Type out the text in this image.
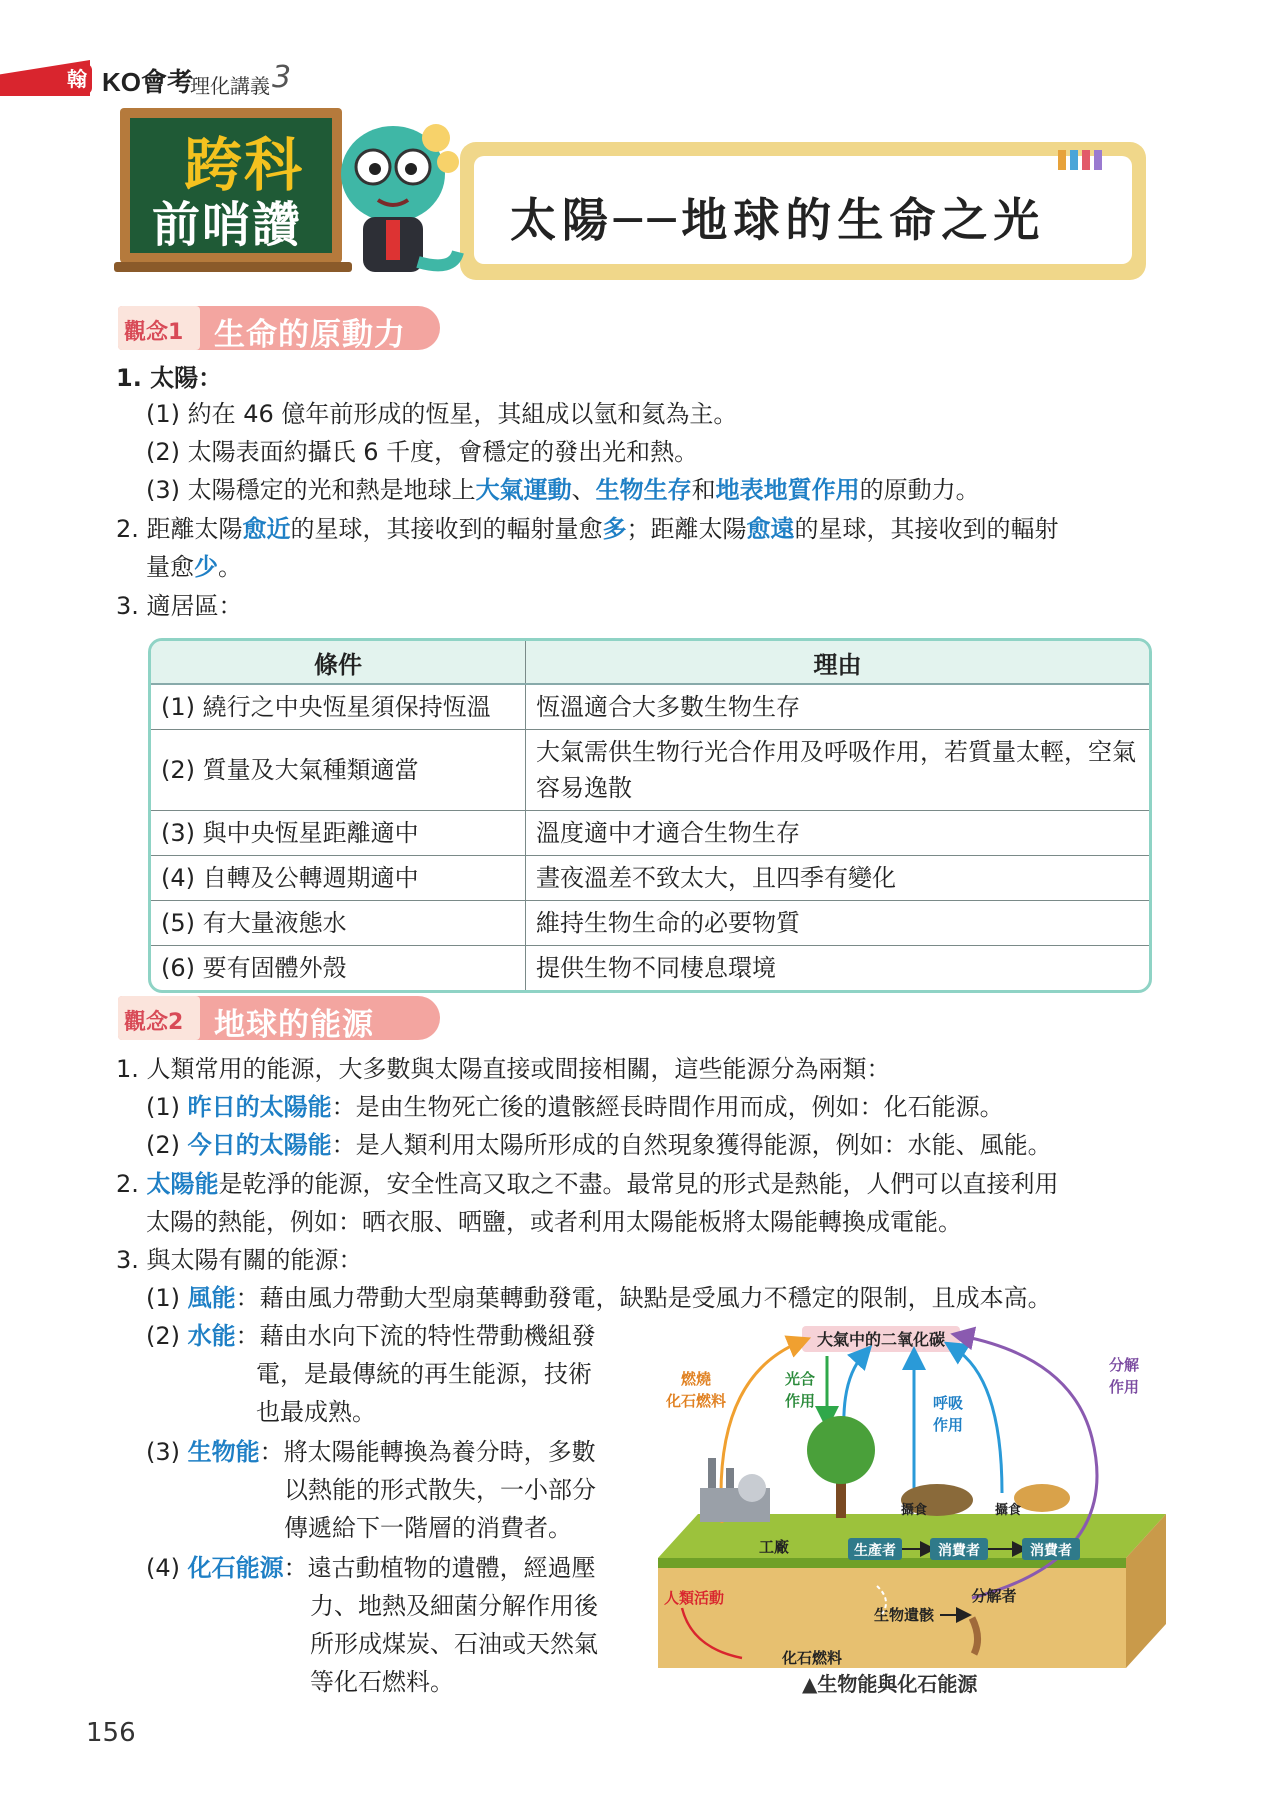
翰 KO會考
理化講義 3
跨科
前哨讚	太陽──地球的生命之光
觀念1 生命的原動力
1. 太陽：
(1) 約在 46 億年前形成的恆星，其組成以氫和氦為主。
(2) 太陽表面約攝氏 6 千度，會穩定的發出光和熱。
(3) 太陽穩定的光和熱是地球上大氣運動、生物生存和地表地質作用的原動力。
2. 距離太陽愈近的星球，其接收到的輻射量愈多；距離太陽愈遠的星球，其接收到的輻射
量愈少。
3. 適居區：
條件	理由
(1) 繞行之中央恆星須保持恆溫	恆溫適合大多數生物生存
(2) 質量及大氣種類適當	大氣需供生物行光合作用及呼吸作用，若質量太輕，空氣容易逸散
(3) 與中央恆星距離適中	溫度適中才適合生物生存
(4) 自轉及公轉週期適中	晝夜溫差不致太大，且四季有變化
(5) 有大量液態水	維持生物生命的必要物質
(6) 要有固體外殼	提供生物不同棲息環境
觀念2 地球的能源
1. 人類常用的能源，大多數與太陽直接或間接相關，這些能源分為兩類：
(1) 昨日的太陽能：是由生物死亡後的遺骸經長時間作用而成，例如：化石能源。
(2) 今日的太陽能：是人類利用太陽所形成的自然現象獲得能源，例如：水能、風能。
2. 太陽能是乾淨的能源，安全性高又取之不盡。最常見的形式是熱能，人們可以直接利用
太陽的熱能，例如：晒衣服、晒鹽，或者利用太陽能板將太陽能轉換成電能。
3. 與太陽有關的能源：
(1) 風能：藉由風力帶動大型扇葉轉動發電，缺點是受風力不穩定的限制，且成本高。
(2) 水能：藉由水向下流的特性帶動機組發
電，是最傳統的再生能源，技術
也最成熟。
(3) 生物能：將太陽能轉換為養分時，多數
以熱能的形式散失，一小部分
傳遞給下一階層的消費者。
(4) 化石能源：遠古動植物的遺體，經過壓
力、地熱及細菌分解作用後
所形成煤炭、石油或天然氣
等化石燃料。
大氣中的二氧化碳
燃燒
化石燃料
光合
作用	呼吸
作用
分解
作用
工廠	生產者
攝食
消費者
攝食
消費者
人類活動
生物遺骸
分解者
化石燃料
▲生物能與化石能源
156
